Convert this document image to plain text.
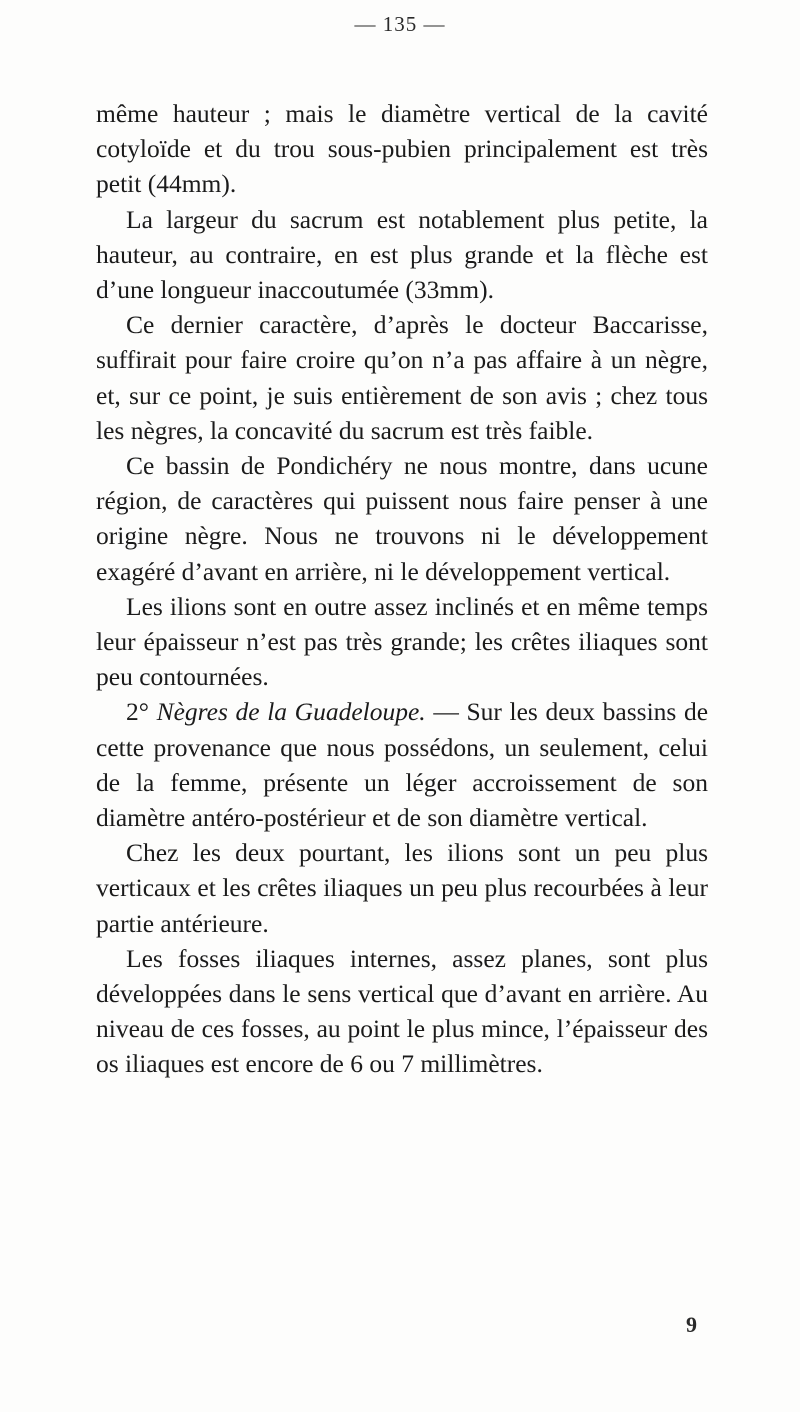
— 135 —

même hauteur ; mais le diamètre vertical de la cavité cotyloïde et du trou sous-pubien principalement est très petit (44mm).

La largeur du sacrum est notablement plus petite, la hauteur, au contraire, en est plus grande et la flèche est d’une longueur inaccoutumée (33mm).

Ce dernier caractère, d’après le docteur Baccarisse, suffirait pour faire croire qu’on n’a pas affaire à un nègre, et, sur ce point, je suis entièrement de son avis ; chez tous les nègres, la concavité du sacrum est très faible.

Ce bassin de Pondichéry ne nous montre, dans ucune région, de caractères qui puissent nous faire penser à une origine nègre. Nous ne trouvons ni le développement exagéré d’avant en arrière, ni le développement vertical.

Les ilions sont en outre assez inclinés et en même temps leur épaisseur n’est pas très grande; les crêtes iliaques sont peu contournées.

2° Nègres de la Guadeloupe. — Sur les deux bassins de cette provenance que nous possédons, un seulement, celui de la femme, présente un léger accroissement de son diamètre antéro-postérieur et de son diamètre vertical.

Chez les deux pourtant, les ilions sont un peu plus verticaux et les crêtes iliaques un peu plus recourbées à leur partie antérieure.

Les fosses iliaques internes, assez planes, sont plus développées dans le sens vertical que d’avant en arrière. Au niveau de ces fosses, au point le plus mince, l’épaisseur des os iliaques est encore de 6 ou 7 millimètres.

9
